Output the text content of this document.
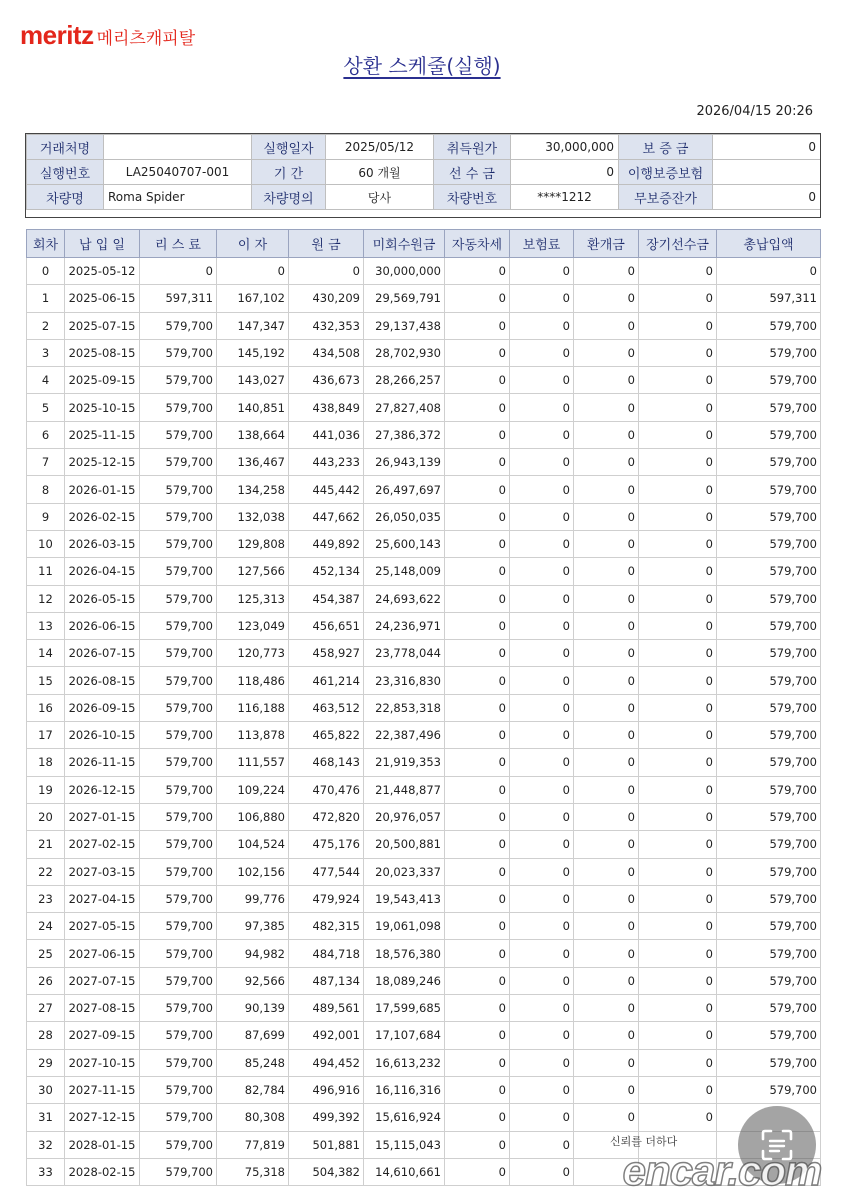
meritz 메리츠캐피탈
상환 스케줄(실행)
2026/04/15 20:26
거래처명		실행일자	2025/05/12	취득원가	30,000,000	보 증 금	0
실행번호	LA25040707-001	기 간	60 개월	선 수 금	0	이행보증보험	
차량명	Roma Spider	차량명의	당사	차량번호	****1212	무보증잔가	0
회차	납 입 일	리 스 료	이 자	원 금	미회수원금	자동차세	보험료	환개금	장기선수금	총납입액
0	2025-05-12	0	0	0	30,000,000	0	0	0	0	0
1	2025-06-15	597,311	167,102	430,209	29,569,791	0	0	0	0	597,311
2	2025-07-15	579,700	147,347	432,353	29,137,438	0	0	0	0	579,700
3	2025-08-15	579,700	145,192	434,508	28,702,930	0	0	0	0	579,700
4	2025-09-15	579,700	143,027	436,673	28,266,257	0	0	0	0	579,700
5	2025-10-15	579,700	140,851	438,849	27,827,408	0	0	0	0	579,700
6	2025-11-15	579,700	138,664	441,036	27,386,372	0	0	0	0	579,700
7	2025-12-15	579,700	136,467	443,233	26,943,139	0	0	0	0	579,700
8	2026-01-15	579,700	134,258	445,442	26,497,697	0	0	0	0	579,700
9	2026-02-15	579,700	132,038	447,662	26,050,035	0	0	0	0	579,700
10	2026-03-15	579,700	129,808	449,892	25,600,143	0	0	0	0	579,700
11	2026-04-15	579,700	127,566	452,134	25,148,009	0	0	0	0	579,700
12	2026-05-15	579,700	125,313	454,387	24,693,622	0	0	0	0	579,700
13	2026-06-15	579,700	123,049	456,651	24,236,971	0	0	0	0	579,700
14	2026-07-15	579,700	120,773	458,927	23,778,044	0	0	0	0	579,700
15	2026-08-15	579,700	118,486	461,214	23,316,830	0	0	0	0	579,700
16	2026-09-15	579,700	116,188	463,512	22,853,318	0	0	0	0	579,700
17	2026-10-15	579,700	113,878	465,822	22,387,496	0	0	0	0	579,700
18	2026-11-15	579,700	111,557	468,143	21,919,353	0	0	0	0	579,700
19	2026-12-15	579,700	109,224	470,476	21,448,877	0	0	0	0	579,700
20	2027-01-15	579,700	106,880	472,820	20,976,057	0	0	0	0	579,700
21	2027-02-15	579,700	104,524	475,176	20,500,881	0	0	0	0	579,700
22	2027-03-15	579,700	102,156	477,544	20,023,337	0	0	0	0	579,700
23	2027-04-15	579,700	99,776	479,924	19,543,413	0	0	0	0	579,700
24	2027-05-15	579,700	97,385	482,315	19,061,098	0	0	0	0	579,700
25	2027-06-15	579,700	94,982	484,718	18,576,380	0	0	0	0	579,700
26	2027-07-15	579,700	92,566	487,134	18,089,246	0	0	0	0	579,700
27	2027-08-15	579,700	90,139	489,561	17,599,685	0	0	0	0	579,700
28	2027-09-15	579,700	87,699	492,001	17,107,684	0	0	0	0	579,700
29	2027-10-15	579,700	85,248	494,452	16,613,232	0	0	0	0	579,700
30	2027-11-15	579,700	82,784	496,916	16,116,316	0	0	0	0	579,700
31	2027-12-15	579,700	80,308	499,392	15,616,924	0	0	0	0	
32	2028-01-15	579,700	77,819	501,881	15,115,043	0	0			
33	2028-02-15	579,700	75,318	504,382	14,610,661	0	0			
신뢰를 더하다
encar.com
